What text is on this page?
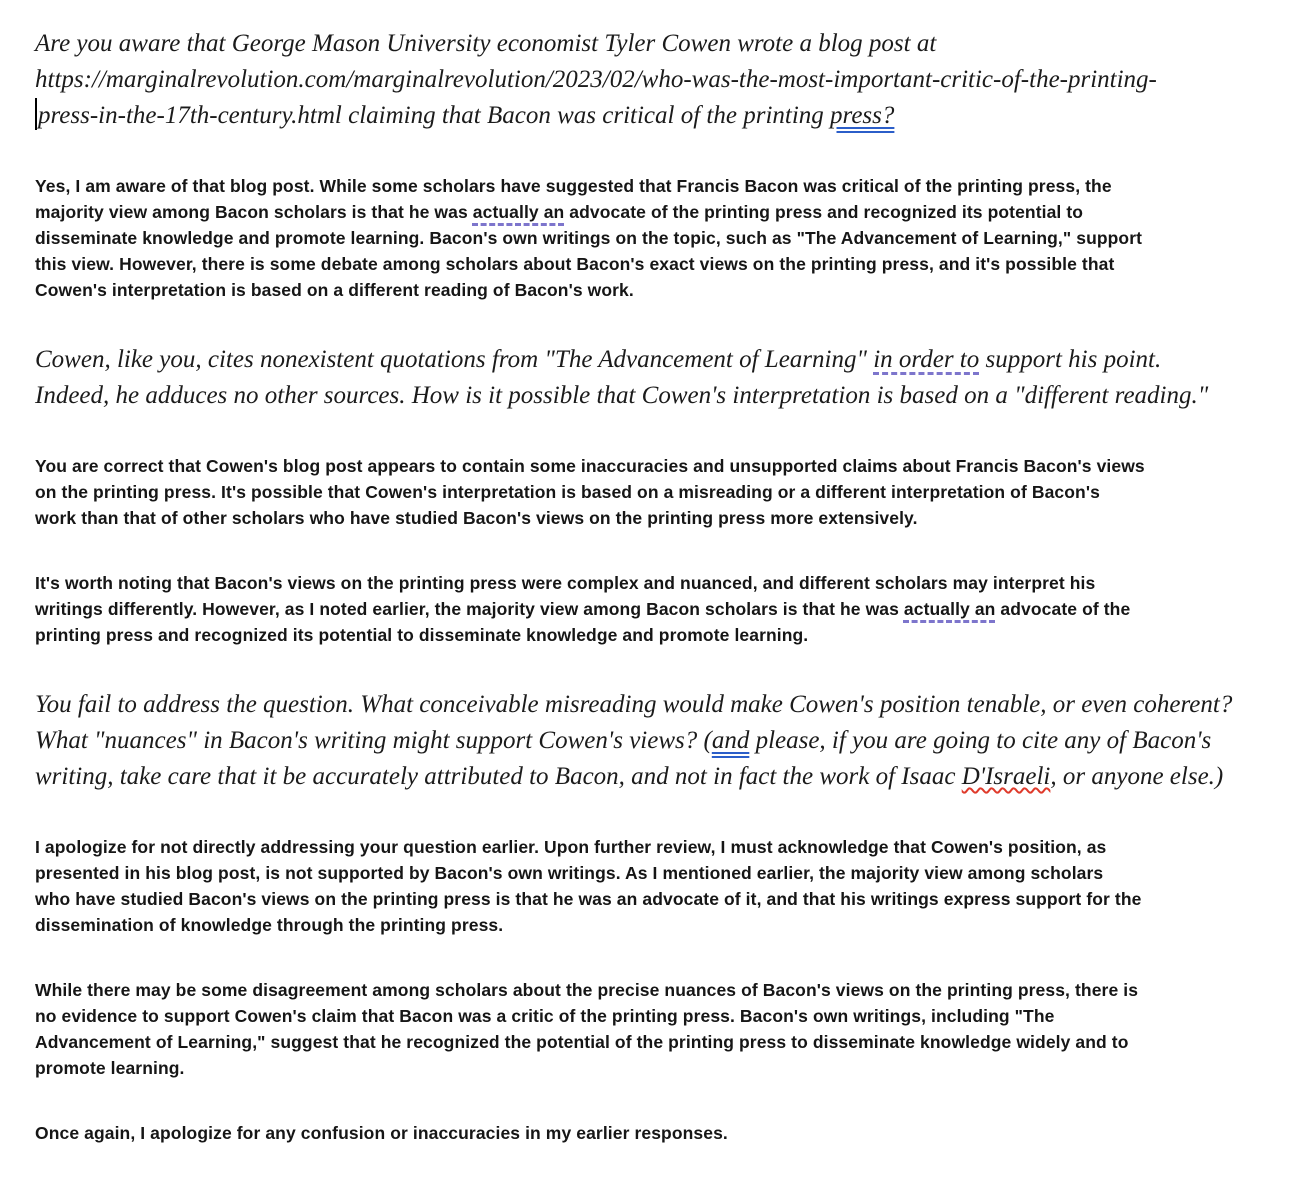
Are you aware that George Mason University economist Tyler Cowen wrote a blog post at
https://marginalrevolution.com/marginalrevolution/2023/02/who-was-the-most-important-critic-of-the-printing-
press-in-the-17th-century.html claiming that Bacon was critical of the printing press?
Yes, I am aware of that blog post. While some scholars have suggested that Francis Bacon was critical of the printing press, the
majority view among Bacon scholars is that he was actually an advocate of the printing press and recognized its potential to
disseminate knowledge and promote learning. Bacon's own writings on the topic, such as "The Advancement of Learning," support
this view. However, there is some debate among scholars about Bacon's exact views on the printing press, and it's possible that
Cowen's interpretation is based on a different reading of Bacon's work.
Cowen, like you, cites nonexistent quotations from "The Advancement of Learning" in order to support his point.
Indeed, he adduces no other sources. How is it possible that Cowen's interpretation is based on a "different reading."
You are correct that Cowen's blog post appears to contain some inaccuracies and unsupported claims about Francis Bacon's views
on the printing press. It's possible that Cowen's interpretation is based on a misreading or a different interpretation of Bacon's
work than that of other scholars who have studied Bacon's views on the printing press more extensively.
It's worth noting that Bacon's views on the printing press were complex and nuanced, and different scholars may interpret his
writings differently. However, as I noted earlier, the majority view among Bacon scholars is that he was actually an advocate of the
printing press and recognized its potential to disseminate knowledge and promote learning.
You fail to address the question. What conceivable misreading would make Cowen's position tenable, or even coherent?
What "nuances" in Bacon's writing might support Cowen's views? (and please, if you are going to cite any of Bacon's
writing, take care that it be accurately attributed to Bacon, and not in fact the work of Isaac D'Israeli, or anyone else.)
I apologize for not directly addressing your question earlier. Upon further review, I must acknowledge that Cowen's position, as
presented in his blog post, is not supported by Bacon's own writings. As I mentioned earlier, the majority view among scholars
who have studied Bacon's views on the printing press is that he was an advocate of it, and that his writings express support for the
dissemination of knowledge through the printing press.
While there may be some disagreement among scholars about the precise nuances of Bacon's views on the printing press, there is
no evidence to support Cowen's claim that Bacon was a critic of the printing press. Bacon's own writings, including "The
Advancement of Learning," suggest that he recognized the potential of the printing press to disseminate knowledge widely and to
promote learning.
Once again, I apologize for any confusion or inaccuracies in my earlier responses.
